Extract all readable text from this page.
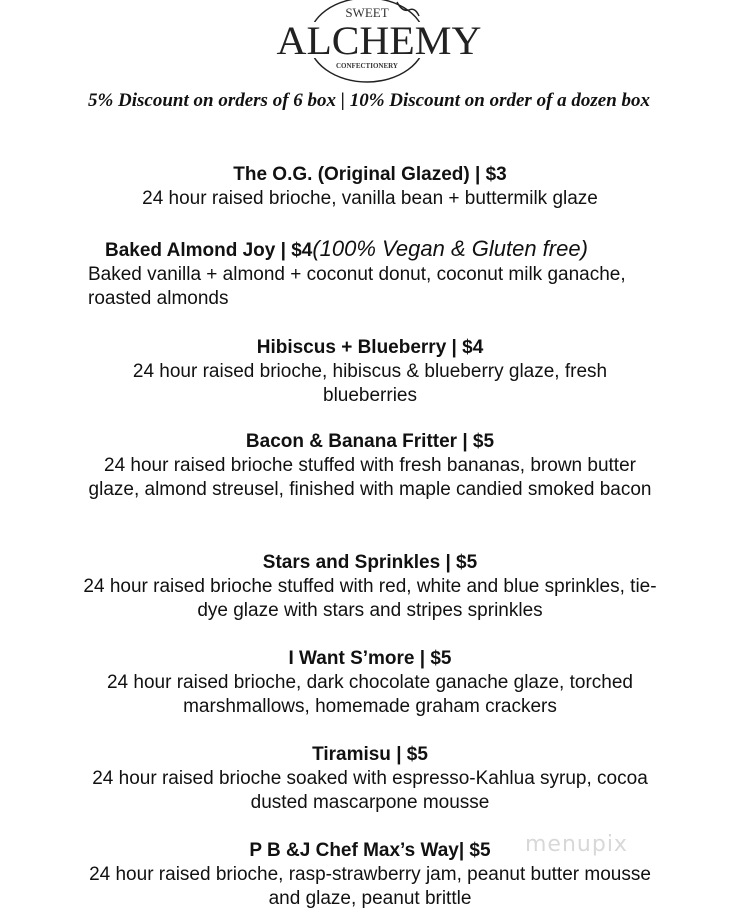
SWEET
ALCHEMY
CONFECTIONERY
5% Discount on orders of 6 box | 10% Discount on order of a dozen box
The O.G. (Original Glazed) | $3
24 hour raised brioche, vanilla bean + buttermilk glaze
Baked Almond Joy | $4(100% Vegan & Gluten free)
Baked vanilla + almond + coconut donut, coconut milk ganache, roasted almonds
Hibiscus + Blueberry | $4
24 hour raised brioche, hibiscus & blueberry glaze, fresh blueberries
Bacon & Banana Fritter | $5
24 hour raised brioche stuffed with fresh bananas, brown butter glaze, almond streusel, finished with maple candied smoked bacon
Stars and Sprinkles | $5
24 hour raised brioche stuffed with red, white and blue sprinkles, tie-dye glaze with stars and stripes sprinkles
I Want S’more | $5
24 hour raised brioche, dark chocolate ganache glaze, torched marshmallows, homemade graham crackers
Tiramisu | $5
24 hour raised brioche soaked with espresso-Kahlua syrup, cocoa dusted mascarpone mousse
P B &J Chef Max’s Way| $5
24 hour raised brioche, rasp-strawberry jam, peanut butter mousse and glaze, peanut brittle
menupix
